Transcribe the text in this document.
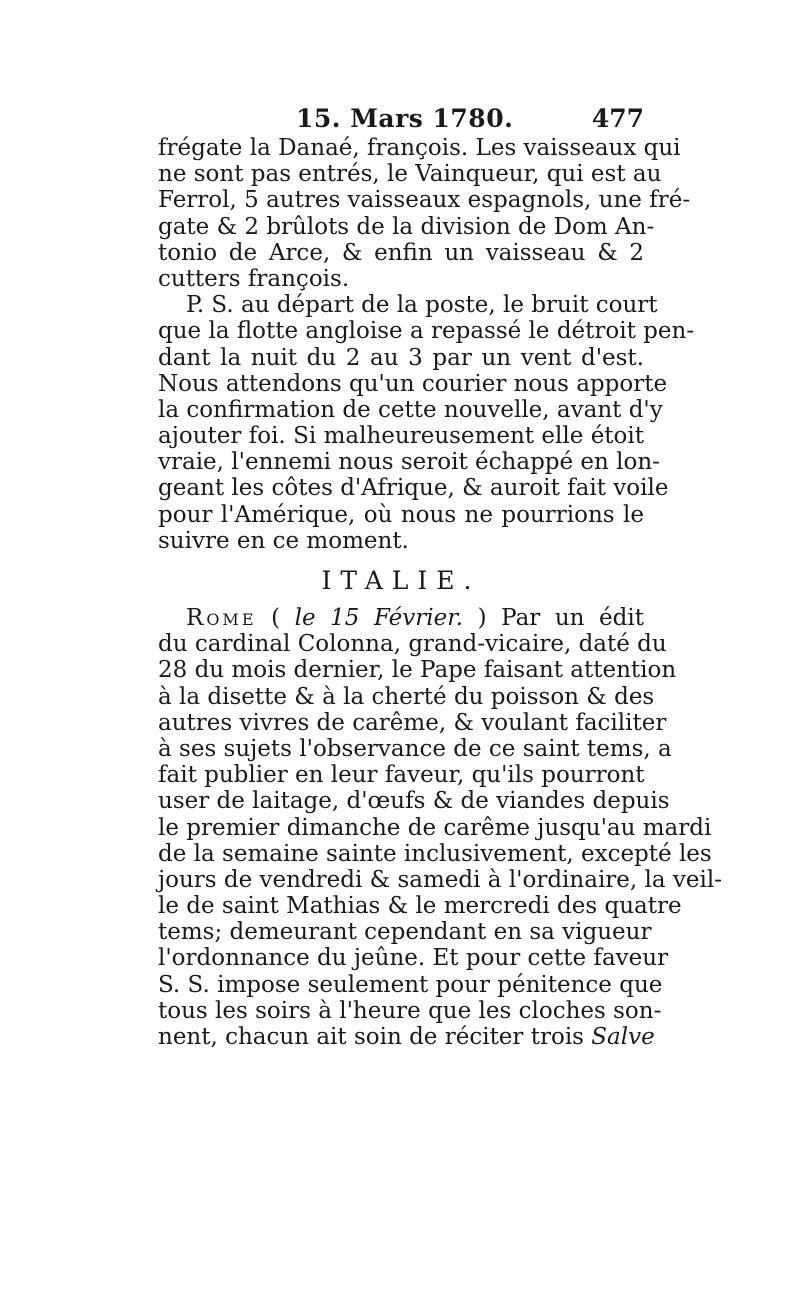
15. Mars 1780.	477
frégate la Danaé, françois. Les vaisseaux qui
ne sont pas entrés, le Vainqueur, qui est au
Ferrol, 5 autres vaisseaux espagnols, une fré-
gate & 2 brûlots de la division de Dom An-
tonio de Arce, & enfin un vaisseau & 2
cutters françois.
P. S. au départ de la poste, le bruit court
que la flotte angloise a repassé le détroit pen-
dant la nuit du 2 au 3 par un vent d'est.
Nous attendons qu'un courier nous apporte
la confirmation de cette nouvelle, avant d'y
ajouter foi. Si malheureusement elle étoit
vraie, l'ennemi nous seroit échappé en lon-
geant les côtes d'Afrique, & auroit fait voile
pour l'Amérique, où nous ne pourrions le
suivre en ce moment.
ITALIE.
Rome ( le 15 Février. ) Par un édit
du cardinal Colonna, grand-vicaire, daté du
28 du mois dernier, le Pape faisant attention
à la disette & à la cherté du poisson & des
autres vivres de carême, & voulant faciliter
à ses sujets l'observance de ce saint tems, a
fait publier en leur faveur, qu'ils pourront
user de laitage, d'œufs & de viandes depuis
le premier dimanche de carême jusqu'au mardi
de la semaine sainte inclusivement, excepté les
jours de vendredi & samedi à l'ordinaire, la veil-
le de saint Mathias & le mercredi des quatre
tems; demeurant cependant en sa vigueur
l'ordonnance du jeûne. Et pour cette faveur
S. S. impose seulement pour pénitence que
tous les soirs à l'heure que les cloches son-
nent, chacun ait soin de réciter trois Salve
